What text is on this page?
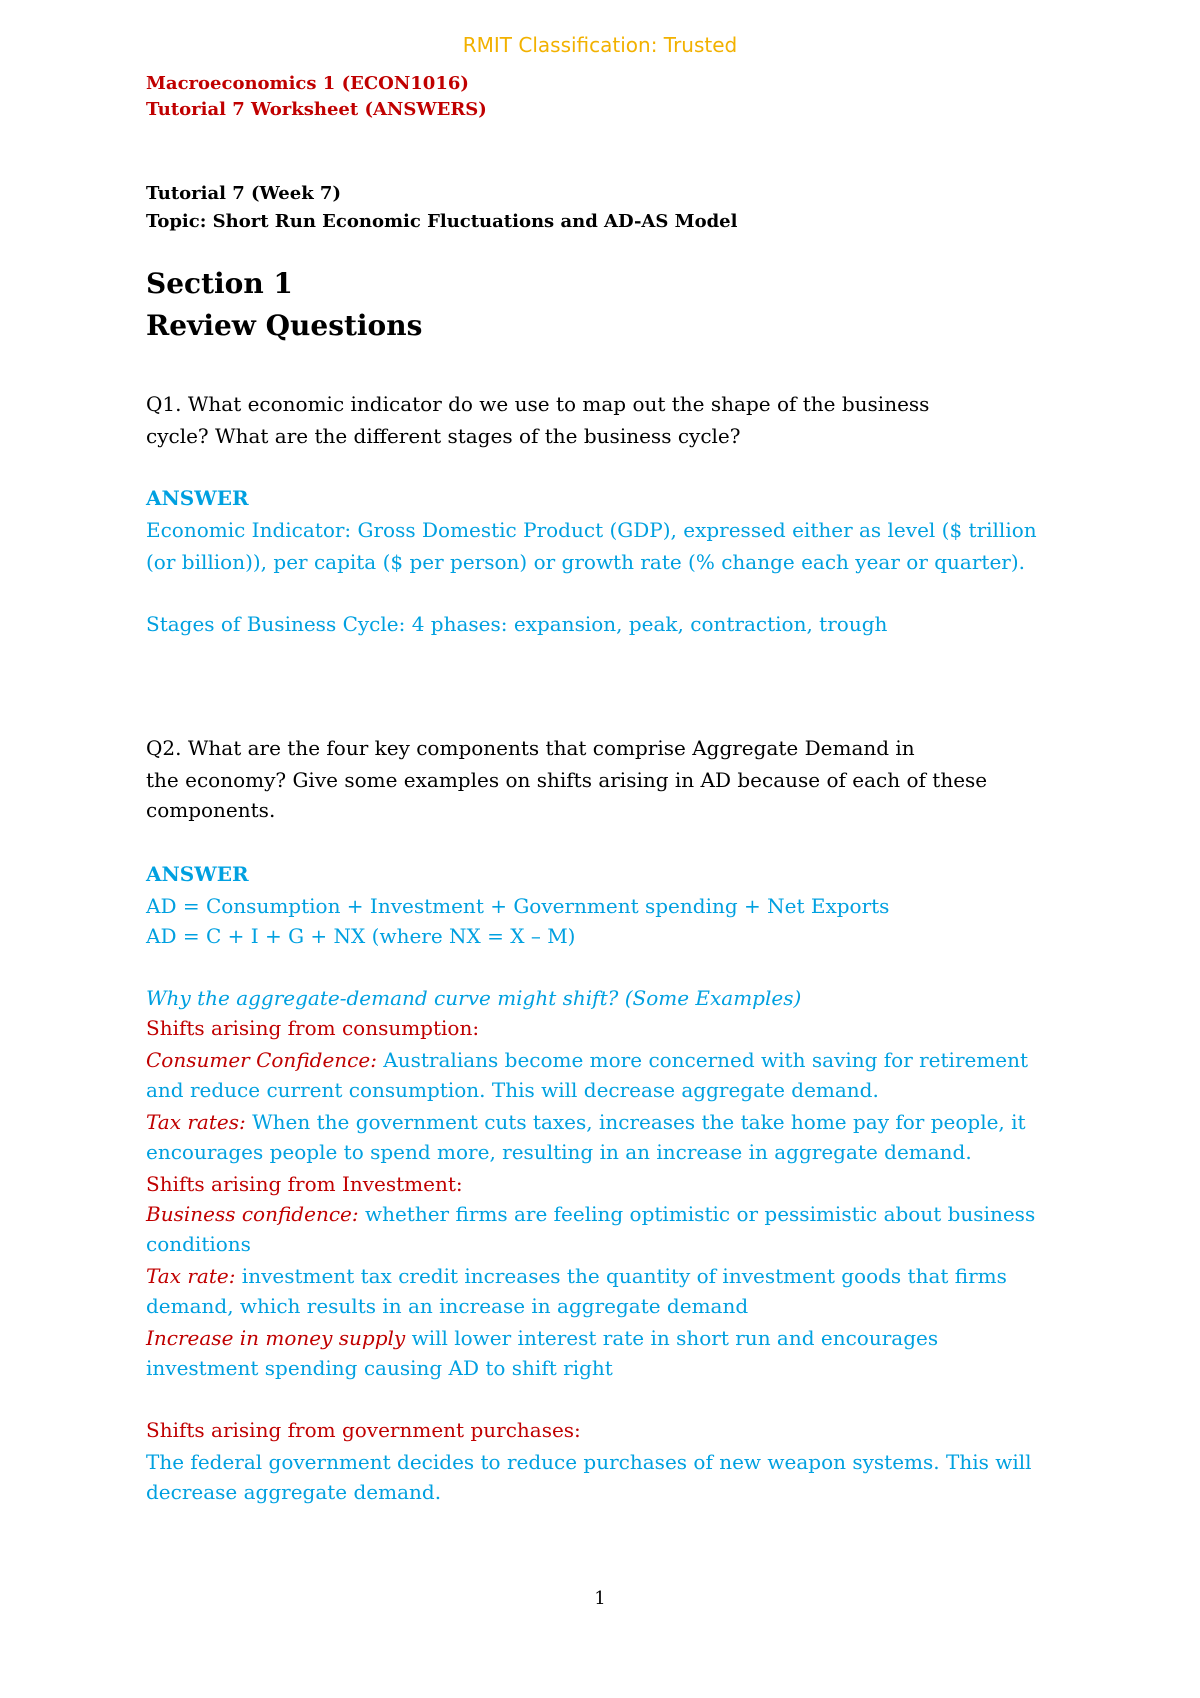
RMIT Classification: Trusted
Macroeconomics 1 (ECON1016)
Tutorial 7 Worksheet (ANSWERS)
Tutorial 7 (Week 7)
Topic: Short Run Economic Fluctuations and AD-AS Model
Section 1
Review Questions
Q1. What economic indicator do we use to map out the shape of the business
cycle? What are the different stages of the business cycle?
ANSWER
Economic Indicator: Gross Domestic Product (GDP), expressed either as level ($ trillion
(or billion)), per capita ($ per person) or growth rate (% change each year or quarter).
Stages of Business Cycle: 4 phases: expansion, peak, contraction, trough
Q2. What are the four key components that comprise Aggregate Demand in
the economy? Give some examples on shifts arising in AD because of each of these
components.
ANSWER
AD = Consumption + Investment + Government spending + Net Exports
AD = C + I + G + NX (where NX = X – M)
Why the aggregate-demand curve might shift? (Some Examples)
Shifts arising from consumption:
Consumer Confidence: Australians become more concerned with saving for retirement
and reduce current consumption. This will decrease aggregate demand.
Tax rates: When the government cuts taxes, increases the take home pay for people, it
encourages people to spend more, resulting in an increase in aggregate demand.
Shifts arising from Investment:
Business confidence: whether firms are feeling optimistic or pessimistic about business
conditions
Tax rate: investment tax credit increases the quantity of investment goods that firms
demand, which results in an increase in aggregate demand
Increase in money supply will lower interest rate in short run and encourages
investment spending causing AD to shift right
Shifts arising from government purchases:
The federal government decides to reduce purchases of new weapon systems. This will
decrease aggregate demand.
1
